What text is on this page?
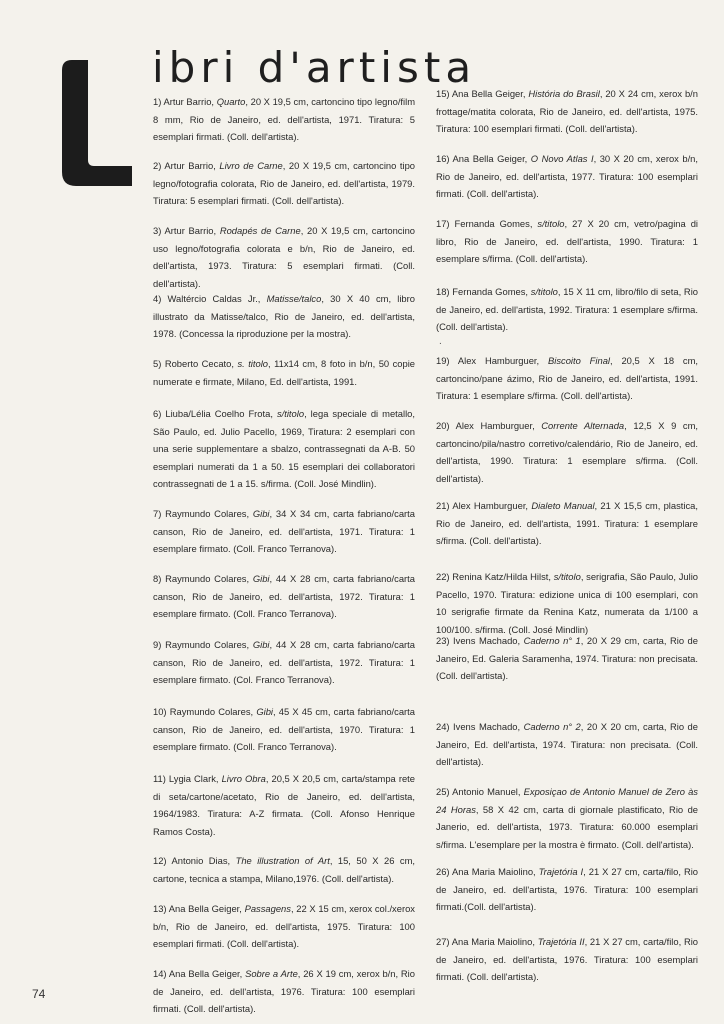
ibri d'artista
.

1) Artur Barrio, Quarto, 20 X 19,5 cm, cartoncino tipo legno/film 8 mm, Rio de Janeiro, ed. dell'artista, 1971. Tiratura: 5 esemplari firmati. (Coll. dell'artista).

2) Artur Barrio, Livro de Carne, 20 X 19,5 cm, cartoncino tipo legno/fotografia colorata, Rio de Janeiro, ed. dell'artista, 1979. Tiratura: 5 esemplari firmati. (Coll. dell'artista).

3) Artur Barrio, Rodapés de Carne, 20 X 19,5 cm, cartoncino uso legno/fotografia colorata e b/n, Rio de Janeiro, ed. dell'artista, 1973. Tiratura: 5 esemplari firmati. (Coll. dell'artista).

4) Waltércio Caldas Jr., Matisse/talco, 30 X 40 cm, libro illustrato da Matisse/talco, Rio de Janeiro, ed. dell'artista, 1978. (Concessa la riproduzione per la mostra).

5) Roberto Cecato, s. titolo, 11x14 cm, 8 foto in b/n, 50 copie numerate e firmate, Milano, Ed. dell'artista, 1991.

6) Liuba/Lélia Coelho Frota, s/titolo, lega speciale di metallo, São Paulo, ed. Julio Pacello, 1969, Tiratura: 2 esemplari con una serie supplementare a sbalzo, contrassegnati da A-B. 50 esemplari numerati da 1 a 50. 15 esemplari dei collaboratori contrassegnati de 1 a 15. s/firma. (Coll. José Mindlin).

7) Raymundo Colares, Gibi, 34 X 34 cm, carta fabriano/carta canson, Rio de Janeiro, ed. dell'artista, 1971. Tiratura: 1 esemplare firmato. (Coll. Franco Terranova).

8) Raymundo Colares, Gibi, 44 X 28 cm, carta fabriano/carta canson, Rio de Janeiro, ed. dell'artista, 1972. Tiratura: 1 esemplare firmato. (Coll. Franco Terranova).

9) Raymundo Colares, Gibi, 44 X 28 cm, carta fabriano/carta canson, Rio de Janeiro, ed. dell'artista, 1972. Tiratura: 1 esemplare firmato. (Col. Franco Terranova).

10) Raymundo Colares, Gibi, 45 X 45 cm, carta fabriano/carta canson, Rio de Janeiro, ed. dell'artista, 1970. Tiratura: 1 esemplare firmato. (Coll. Franco Terranova).

11) Lygia Clark, Livro Obra, 20,5 X 20,5 cm, carta/stampa rete di seta/cartone/acetato, Rio de Janeiro, ed. dell'artista, 1964/1983. Tiratura: A-Z firmata. (Coll. Afonso Henrique Ramos Costa).

12) Antonio Dias, The illustration of Art, 15, 50 X 26 cm, cartone, tecnica a stampa, Milano,1976. (Coll. dell'artista).

13) Ana Bella Geiger, Passagens, 22 X 15 cm, xerox col./xerox b/n, Rio de Janeiro, ed. dell'artista, 1975. Tiratura: 100 esemplari firmati. (Coll. dell'artista).

14) Ana Bella Geiger, Sobre a Arte, 26 X 19 cm, xerox b/n, Rio de Janeiro, ed. dell'artista, 1976. Tiratura: 100 esemplari firmati. (Coll. dell'artista).

15) Ana Bella Geiger, História do Brasil, 20 X 24 cm, xerox b/n frottage/matita colorata, Rio de Janeiro, ed. dell'artista, 1975. Tiratura: 100 esemplari firmati. (Coll. dell'artista).

16) Ana Bella Geiger, O Novo Atlas I, 30 X 20 cm, xerox b/n, Rio de Janeiro, ed. dell'artista, 1977. Tiratura: 100 esemplari firmati. (Coll. dell'artista).

17) Fernanda Gomes, s/titolo, 27 X 20 cm, vetro/pagina di libro, Rio de Janeiro, ed. dell'artista, 1990. Tiratura: 1 esemplare s/firma. (Coll. dell'artista).

18) Fernanda Gomes, s/titolo, 15 X 11 cm, libro/filo di seta, Rio de Janeiro, ed. dell'artista, 1992. Tiratura: 1 esemplare s/firma. (Coll. dell'artista).

19) Alex Hamburguer, Biscoito Final, 20,5 X 18 cm, cartoncino/pane ázimo, Rio de Janeiro, ed. dell'artista, 1991. Tiratura: 1 esemplare s/firma. (Coll. dell'artista).

20) Alex Hamburguer, Corrente Alternada, 12,5 X 9 cm, cartoncino/pila/nastro corretivo/calendário, Rio de Janeiro, ed. dell'artista, 1990. Tiratura: 1 esemplare s/firma. (Coll. dell'artista).

21) Alex Hamburguer, Dialeto Manual, 21 X 15,5 cm, plastica, Rio de Janeiro, ed. dell'artista, 1991. Tiratura: 1 esemplare s/firma. (Coll. dell'artista).

22) Renina Katz/Hilda Hilst, s/titolo, serigrafia, São Paulo, Julio Pacello, 1970. Tiratura: edizione unica di 100 esemplari, con 10 serigrafie firmate da Renina Katz, numerata da 1/100 a 100/100. s/firma. (Coll. José Mindlin)

23) Ivens Machado, Caderno n° 1, 20 X 29 cm, carta, Rio de Janeiro, Ed. Galeria Saramenha, 1974. Tiratura: non precisata. (Coll. dell'artista).

24) Ivens Machado, Caderno n° 2, 20 X 20 cm, carta, Rio de Janeiro, Ed. dell'artista, 1974. Tiratura: non precisata. (Coll. dell'artista).

25) Antonio Manuel, Exposiçao de Antonio Manuel de Zero às 24 Horas, 58 X 42 cm, carta di giornale plastificato, Rio de Janerio, ed. dell'artista, 1973. Tiratura: 60.000 esemplari s/firma. L'esemplare per la mostra è firmato. (Coll. dell'artista).

26) Ana Maria Maiolino, Trajetória I, 21 X 27 cm, carta/filo, Rio de Janeiro, ed. dell'artista, 1976. Tiratura: 100 esemplari firmati.(Coll. dell'artista).

27) Ana Maria Maiolino, Trajetória II, 21 X 27 cm, carta/filo, Rio de Janeiro, ed. dell'artista, 1976. Tiratura: 100 esemplari firmati. (Coll. dell'artista).

74
